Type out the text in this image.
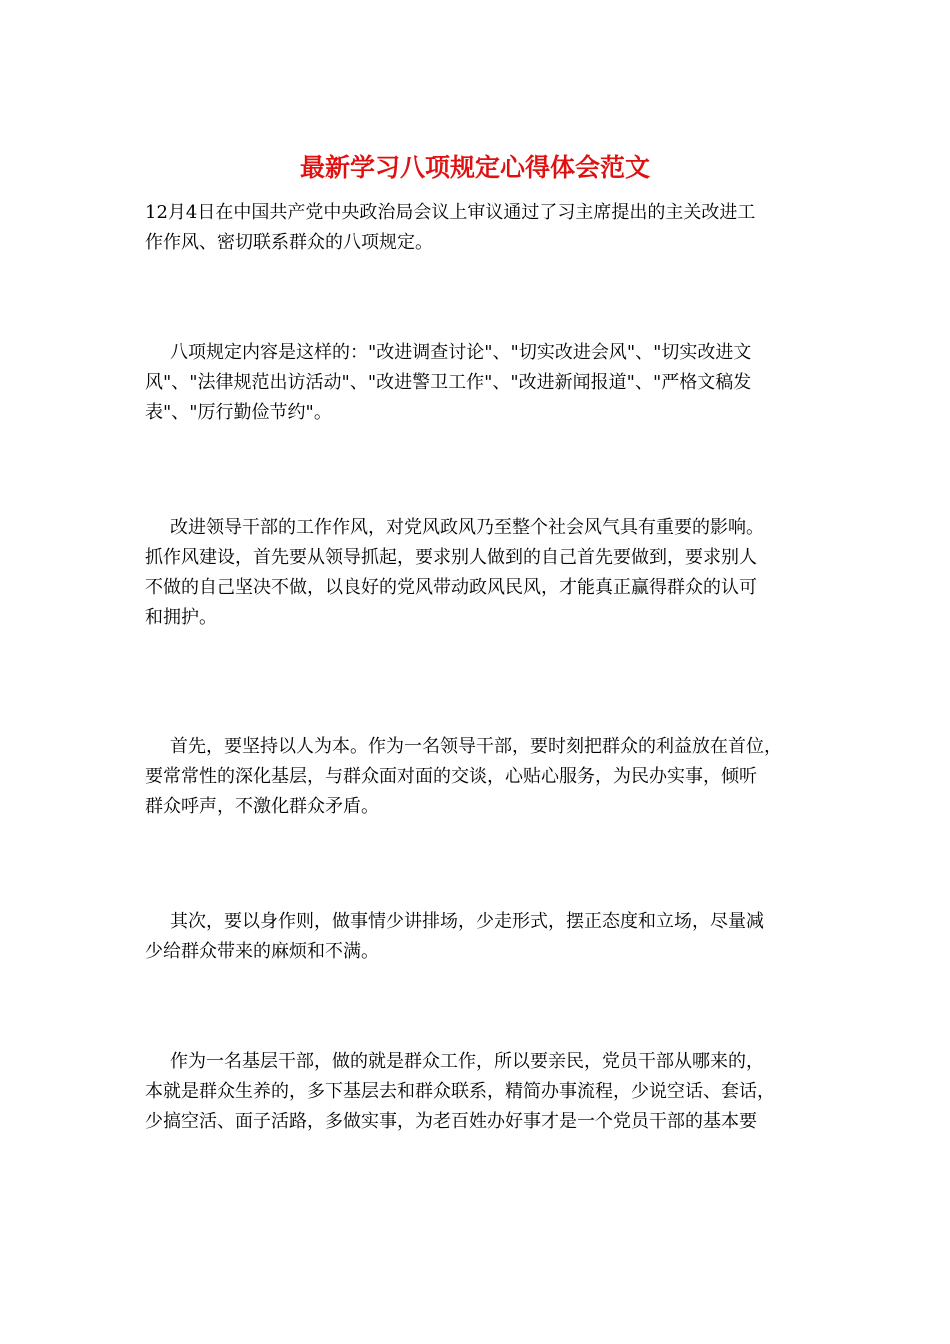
最新学习八项规定心得体会范文
12月4日在中国共产党中央政治局会议上审议通过了习主席提出的主关改进工
作作风、密切联系群众的八项规定。
八项规定内容是这样的："改进调查讨论"、"切实改进会风"、"切实改进文
风"、"法律规范出访活动"、"改进警卫工作"、"改进新闻报道"、"严格文稿发
表"、"厉行勤俭节约"。
改进领导干部的工作作风，对党风政风乃至整个社会风气具有重要的影响。
抓作风建设，首先要从领导抓起，要求别人做到的自己首先要做到，要求别人
不做的自己坚决不做，以良好的党风带动政风民风，才能真正赢得群众的认可
和拥护。
首先，要坚持以人为本。作为一名领导干部，要时刻把群众的利益放在首位，
要常常性的深化基层，与群众面对面的交谈，心贴心服务，为民办实事，倾听
群众呼声，不激化群众矛盾。
其次，要以身作则，做事情少讲排场，少走形式，摆正态度和立场，尽量减
少给群众带来的麻烦和不满。
作为一名基层干部，做的就是群众工作，所以要亲民，党员干部从哪来的，
本就是群众生养的，多下基层去和群众联系，精简办事流程，少说空话、套话，
少搞空活、面子活路，多做实事，为老百姓办好事才是一个党员干部的基本要
